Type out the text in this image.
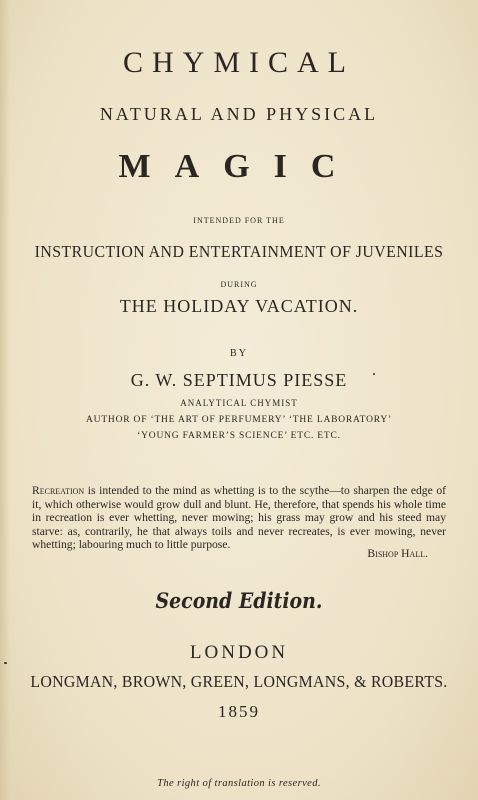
CHYMICAL
NATURAL AND PHYSICAL
MAGIC
INTENDED FOR THE
INSTRUCTION AND ENTERTAINMENT OF JUVENILES
DURING
THE HOLIDAY VACATION.
BY
G. W. SEPTIMUS PIESSE
ANALYTICAL CHYMIST
AUTHOR OF ‘THE ART OF PERFUMERY’ ‘THE LABORATORY’
‘YOUNG FARMER’S SCIENCE’ ETC. ETC.
Recreation is intended to the mind as whetting is to the scythe—to sharpen the edge of it, which otherwise would grow dull and blunt. He, therefore, that spends his whole time in recreation is ever whetting, never mowing; his grass may grow and his steed may starve: as, contrarily, he that always toils and never recreates, is ever mowing, never whetting; labouring much to little purpose.
Bishop Hall.
Second Edition.
LONDON
LONGMAN, BROWN, GREEN, LONGMANS, & ROBERTS.
1859
The right of translation is reserved.
